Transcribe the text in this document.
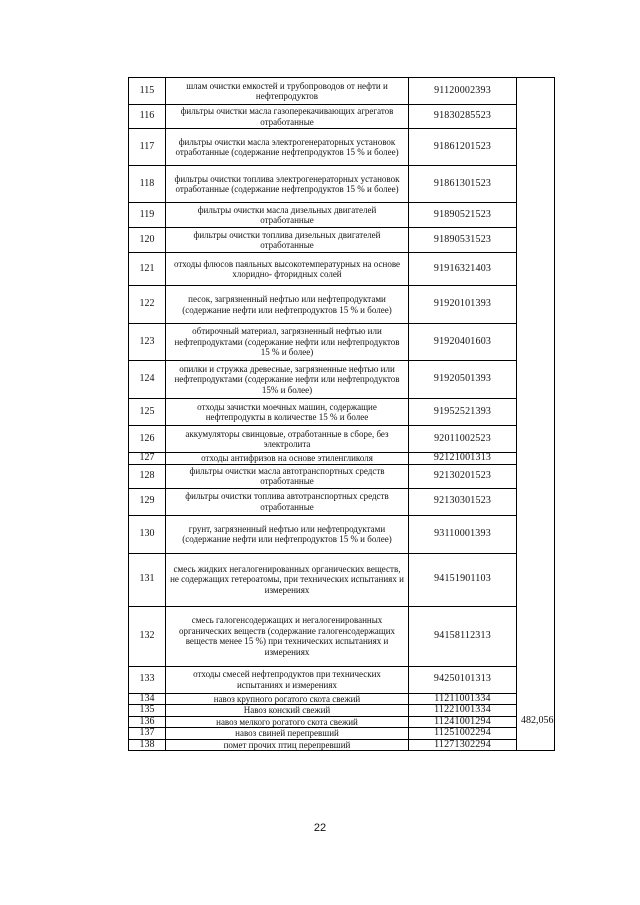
115	шлам очистки емкостей и трубопроводов от нефти и нефтепродуктов	91120002393	482,056
116	фильтры очистки масла газоперекачивающих агрегатов отработанные	91830285523	
117	фильтры очистки масла электрогенераторных установок отработанные (содержание нефтепродуктов 15 % и более)	91861201523	
118	фильтры очистки топлива электрогенераторных установок отработанные (содержание нефтепродуктов 15 % и более)	91861301523	
119	фильтры очистки масла дизельных двигателей отработанные	91890521523	
120	фильтры очистки топлива дизельных двигателей отработанные	91890531523	
121	отходы флюсов паяльных высокотемпературных на основе хлоридно- фторидных солей	91916321403	
122	песок, загрязненный нефтью или нефтепродуктами (содержание нефти или нефтепродуктов 15 % и более)	91920101393	
123	обтирочный материал, загрязненный нефтью или нефтепродуктами (содержание нефти или нефтепродуктов 15 % и более)	91920401603	
124	опилки и стружка древесные, загрязненные нефтью или нефтепродуктами (содержание нефти или нефтепродуктов 15% и более)	91920501393	
125	отходы зачистки моечных машин, содержащие нефтепродукты в количестве 15 % и более	91952521393	
126	аккумуляторы свинцовые, отработанные в сборе, без электролита	92011002523	
127	отходы антифризов на основе этиленгликоля	92121001313	
128	фильтры очистки масла автотранспортных средств отработанные	92130201523	
129	фильтры очистки топлива автотранспортных средств отработанные	92130301523	
130	грунт, загрязненный нефтью или нефтепродуктами (содержание нефти или нефтепродуктов 15 % и более)	93110001393	
131	смесь жидких негалогенированных органических веществ, не содержащих гетероатомы, при технических испытаниях и измерениях	94151901103	
132	смесь галогенсодержащих и негалогенированных органических веществ (содержание галогенсодержащих веществ менее 15 %) при технических испытаниях и измерениях	94158112313	
133	отходы смесей нефтепродуктов при технических испытаниях и измерениях	94250101313	
134	навоз крупного рогатого скота свежий	11211001334	
135	Навоз конский свежий	11221001334	
136	навоз мелкого рогатого скота свежий	11241001294	
137	навоз свиней перепревший	11251002294	
138	помет прочих птиц перепревший	11271302294	
22
